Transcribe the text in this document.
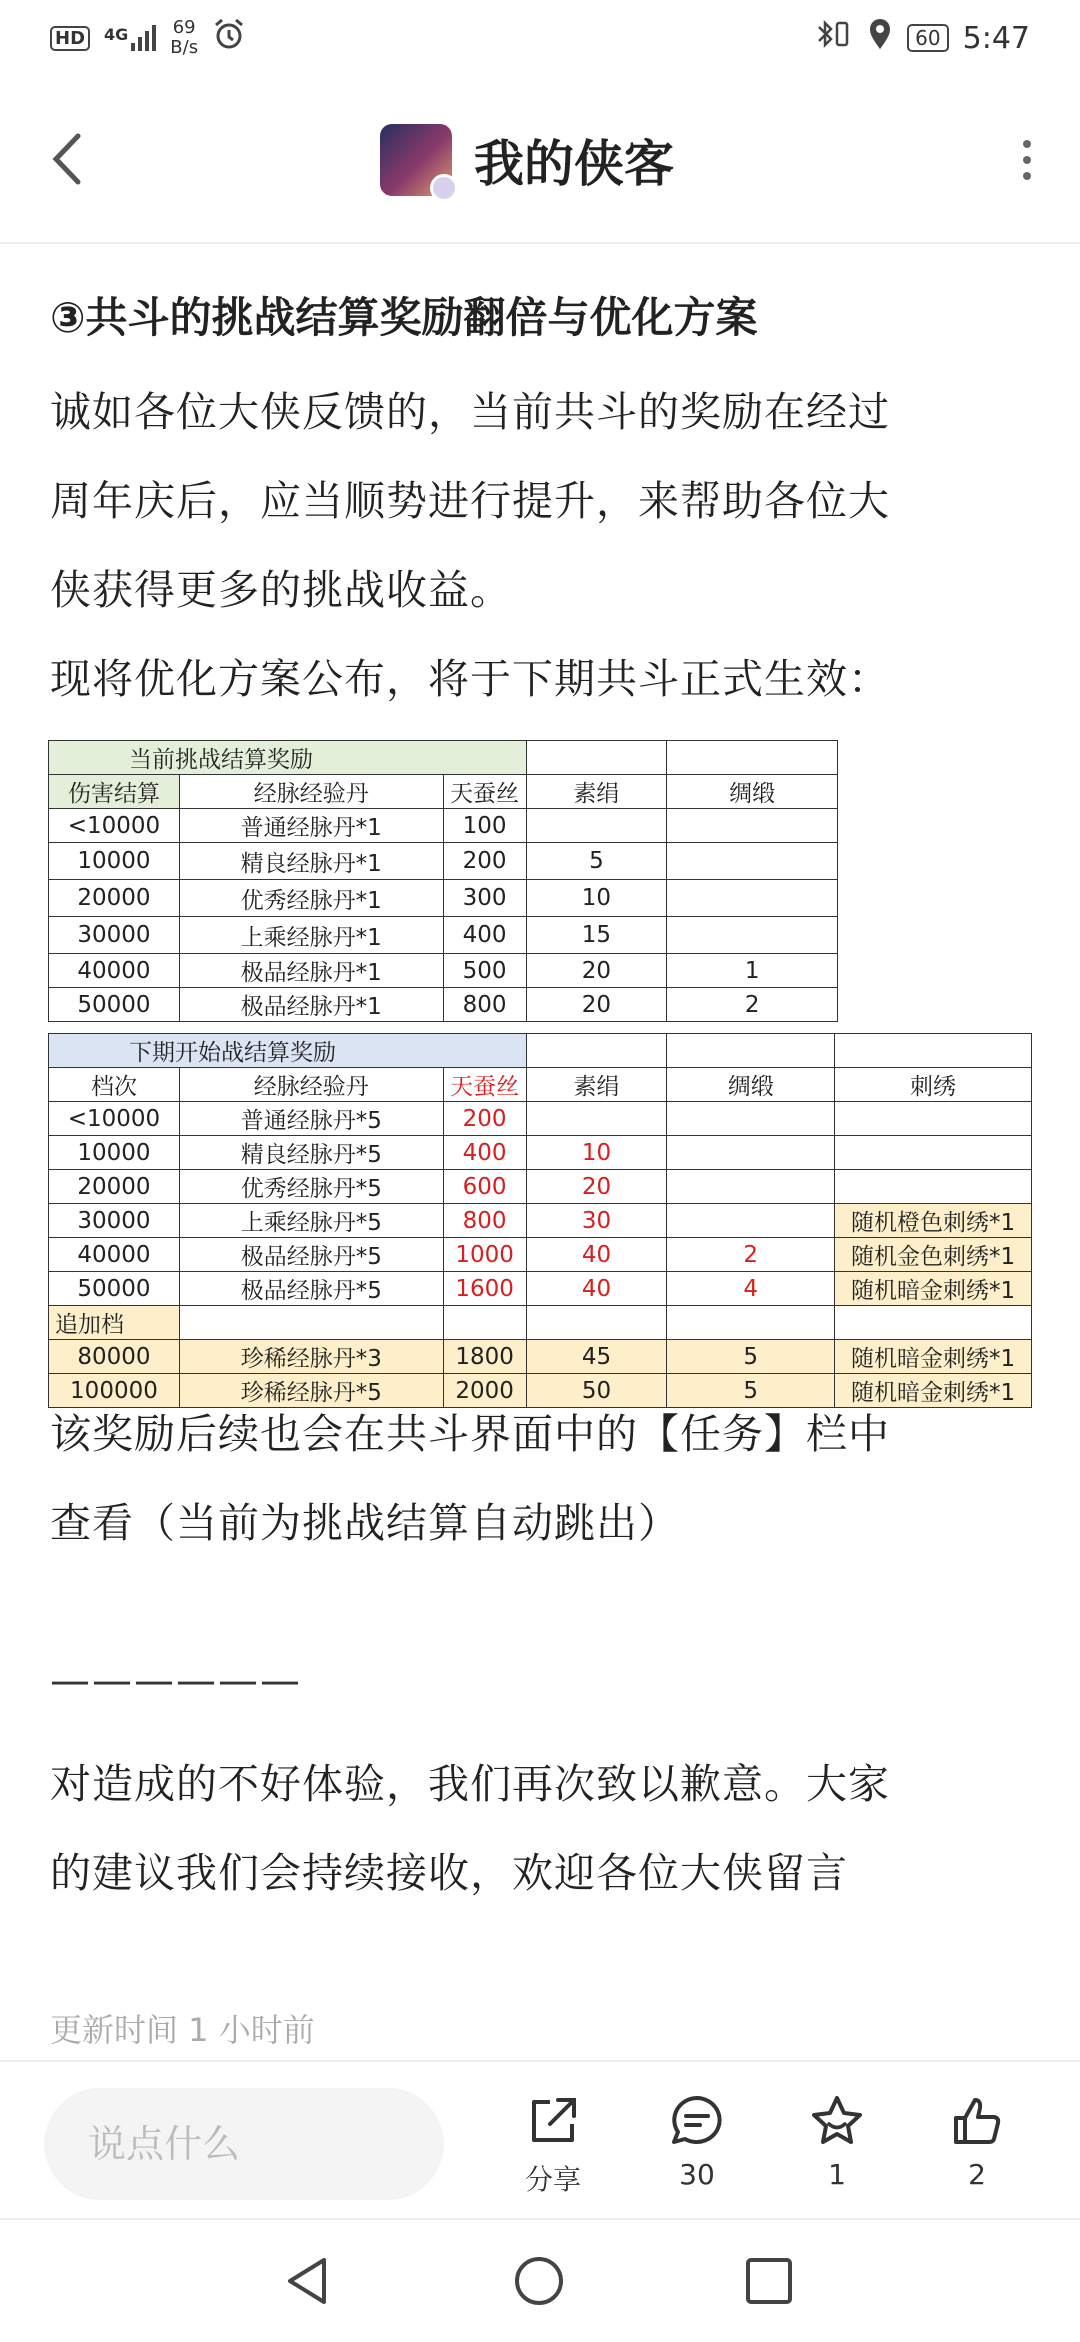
HD	4G 69
B/s	60 5:47
我的侠客

③共斗的挑战结算奖励翻倍与优化方案

诚如各位大侠反馈的，当前共斗的奖励在经过

周年庆后，应当顺势进行提升，来帮助各位大

侠获得更多的挑战收益。

现将优化方案公布，将于下期共斗正式生效：

当前挑战结算奖励				
伤害结算	经脉经验丹	天蚕丝	素绢	绸缎
<10000	普通经脉丹*1	100		
10000	精良经脉丹*1	200	5	
20000	优秀经脉丹*1	300	10	
30000	上乘经脉丹*1	400	15	
40000	极品经脉丹*1	500	20	1
50000	极品经脉丹*1	800	20	2
下期开始战结算奖励					
档次	经脉经验丹	天蚕丝	素绢	绸缎	刺绣
<10000	普通经脉丹*5	200			
10000	精良经脉丹*5	400	10		
20000	优秀经脉丹*5	600	20		
30000	上乘经脉丹*5	800	30		随机橙色刺绣*1
40000	极品经脉丹*5	1000	40	2	随机金色刺绣*1
50000	极品经脉丹*5	1600	40	4	随机暗金刺绣*1
追加档					
80000	珍稀经脉丹*3	1800	45	5	随机暗金刺绣*1
100000	珍稀经脉丹*5	2000	50	5	随机暗金刺绣*1

该奖励后续也会在共斗界面中的【任务】栏中

查看（当前为挑战结算自动跳出）

——————

对造成的不好体验，我们再次致以歉意。大家

的建议我们会持续接收，欢迎各位大侠留言

更新时间 1 小时前
说点什么
分享	30	1	2
